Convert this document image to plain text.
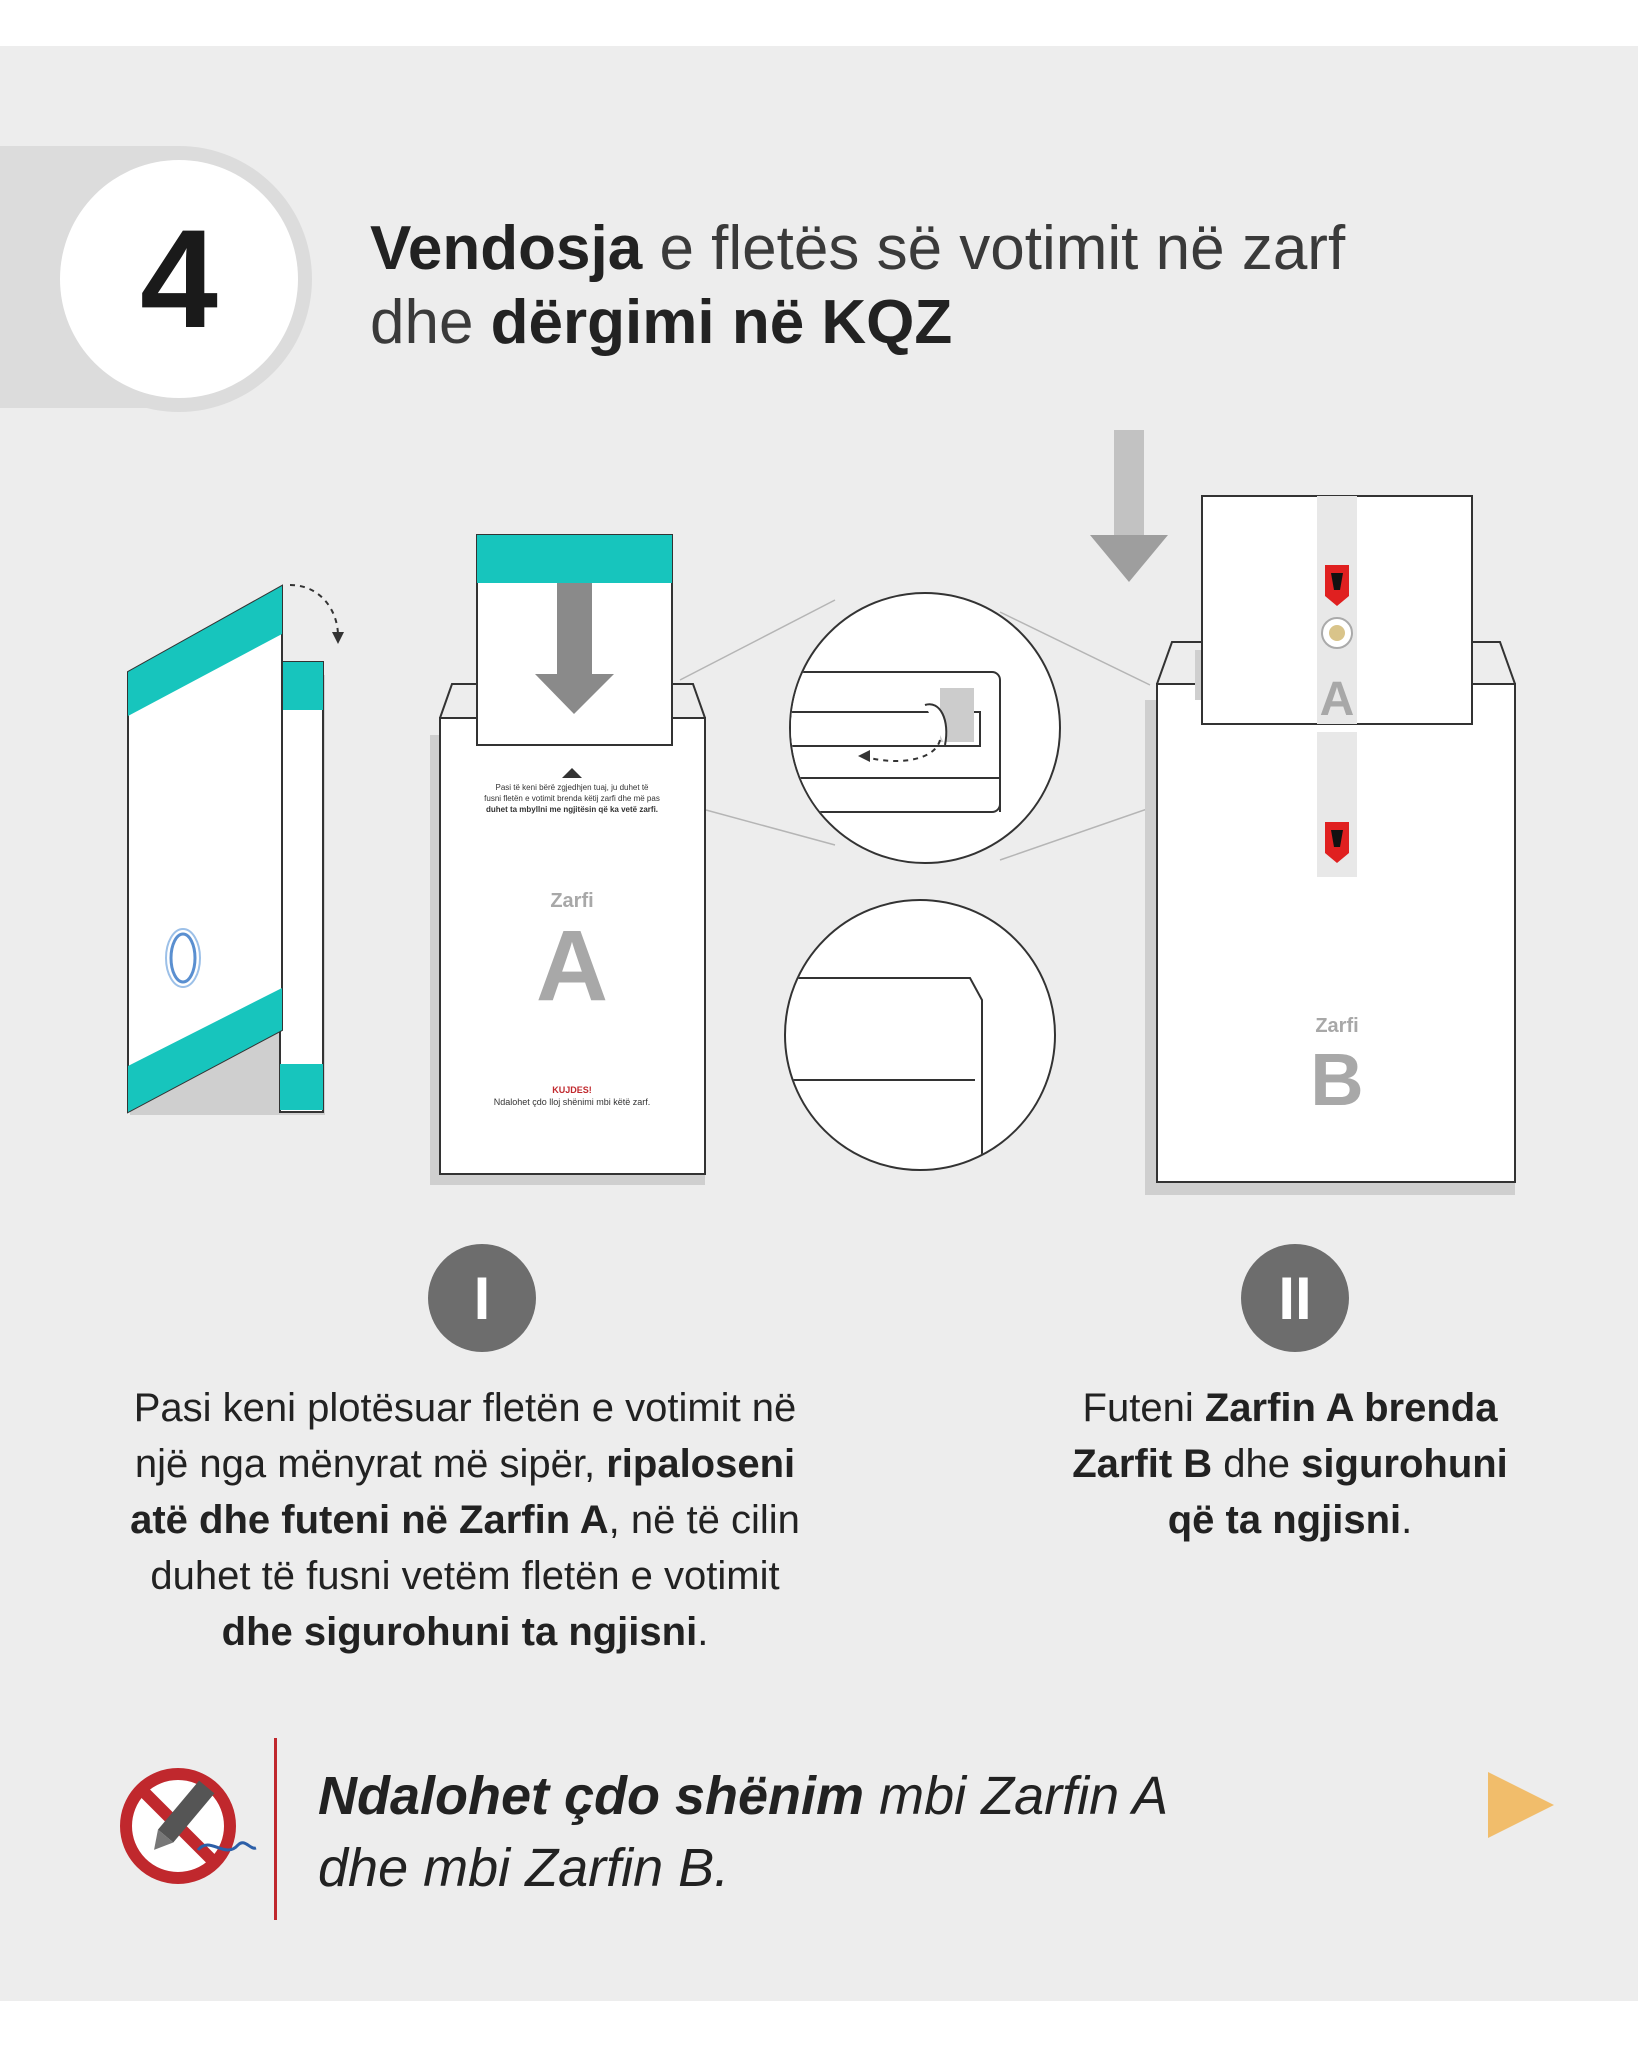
4	Vendosja e fletës së votimit në zarf
dhe dërgimi në KQZ
Pasi të keni bërë zgjedhjen tuaj, ju duhet të
fusni fletën e votimit brenda këtij zarfi dhe më pas
duhet ta mbyllni me ngjitësin që ka vetë zarfi.
Zarfi
A
KUJDES!
Ndalohet çdo lloj shënimi mbi këtë zarf.
A
Zarfi
B
I	II
Pasi keni plotësuar fletën e votimit në një nga mënyrat më sipër, ripaloseni atë dhe futeni në Zarfin A, në të cilin duhet të fusni vetëm fletën e votimit dhe sigurohuni ta ngjisni.
Futeni Zarfin A brenda Zarfit B dhe sigurohuni që ta ngjisni.
Ndalohet çdo shënim mbi Zarfin A
dhe mbi Zarfin B.
